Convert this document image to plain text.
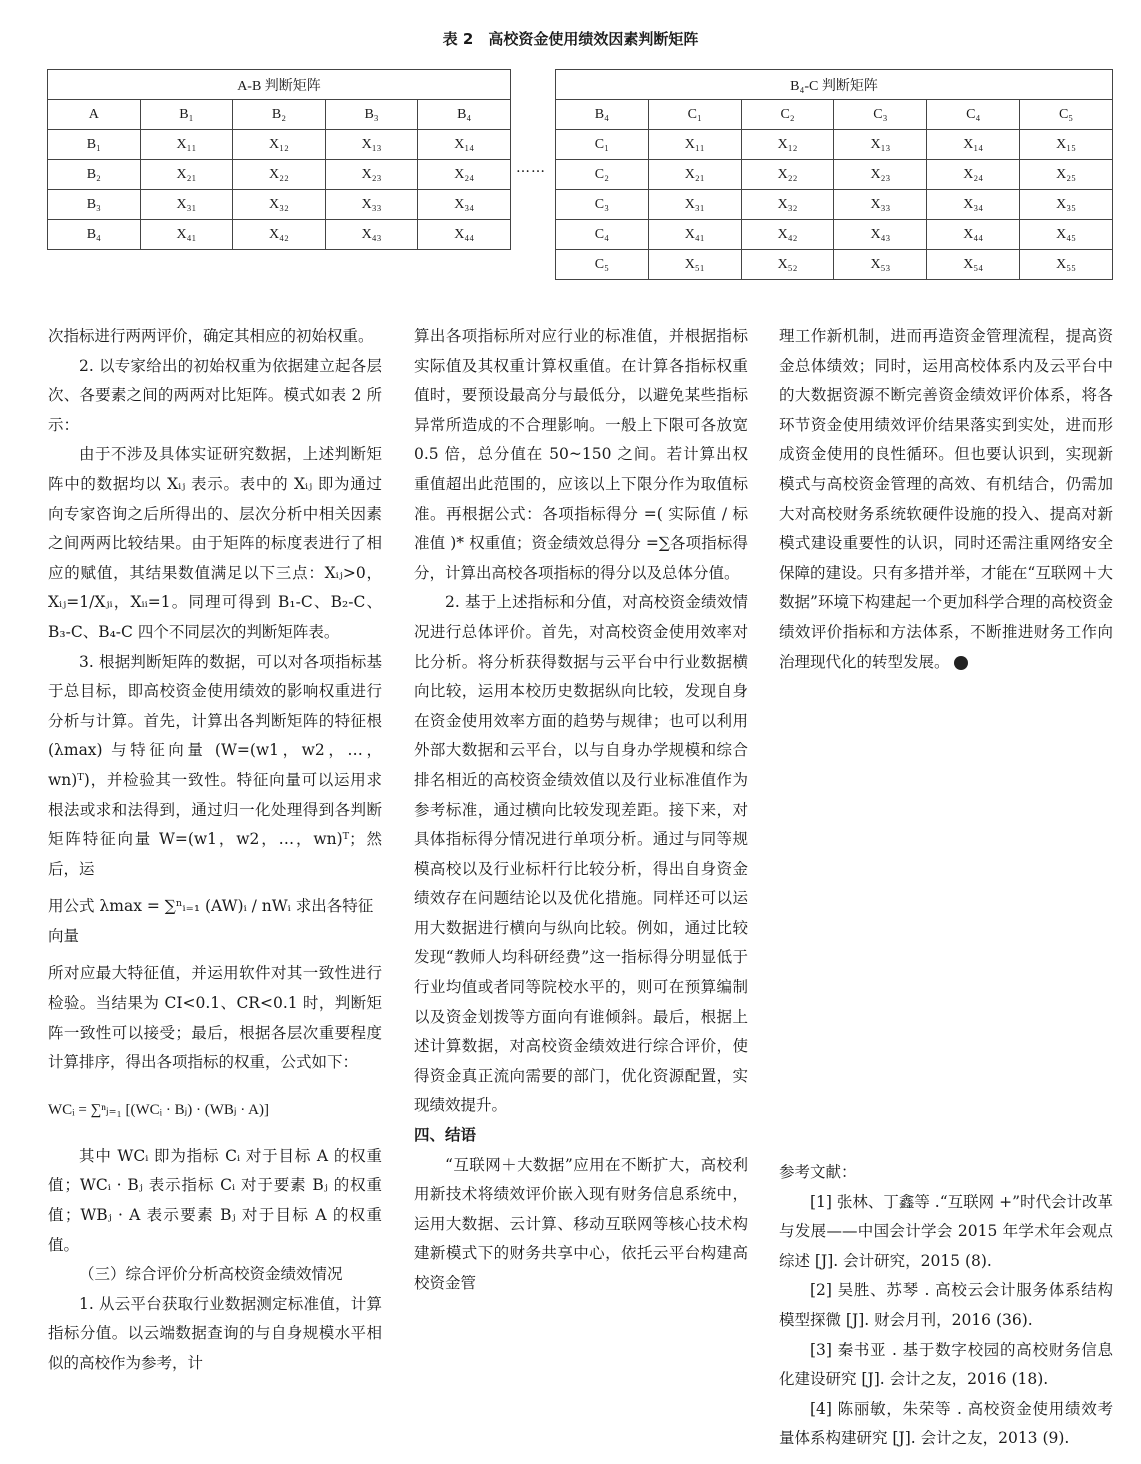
表 2　高校资金使用绩效因素判断矩阵
A-B 判断矩阵				
A	B₁	B₂	B₃	B₄
B₁	X₁₁	X₁₂	X₁₃	X₁₄
B₂	X₂₁	X₂₂	X₂₃	X₂₄
B₃	X₃₁	X₃₂	X₃₃	X₃₄
B₄	X₄₁	X₄₂	X₄₃	X₄₄
……
B₄-C 判断矩阵					
B₄	C₁	C₂	C₃	C₄	C₅
C₁	X₁₁	X₁₂	X₁₃	X₁₄	X₁₅
C₂	X₂₁	X₂₂	X₂₃	X₂₄	X₂₅
C₃	X₃₁	X₃₂	X₃₃	X₃₄	X₃₅
C₄	X₄₁	X₄₂	X₄₃	X₄₄	X₄₅
C₅	X₅₁	X₅₂	X₅₃	X₅₄	X₅₅

次指标进行两两评价，确定其相应的初始权重。

2. 以专家给出的初始权重为依据建立起各层次、各要素之间的两两对比矩阵。模式如表 2 所示：

由于不涉及具体实证研究数据，上述判断矩阵中的数据均以 Xᵢⱼ 表示。表中的 Xᵢⱼ 即为通过向专家咨询之后所得出的、层次分析中相关因素之间两两比较结果。由于矩阵的标度表进行了相应的赋值，其结果数值满足以下三点：Xᵢⱼ>0，Xᵢⱼ=1/Xⱼᵢ，Xᵢᵢ=1。同理可得到 B₁-C、B₂-C、B₃-C、B₄-C 四个不同层次的判断矩阵表。

3. 根据判断矩阵的数据，可以对各项指标基于总目标，即高校资金使用绩效的影响权重进行分析与计算。首先，计算出各判断矩阵的特征根 (λmax) 与特征向量 (W=(w1，w2，…，wn)ᵀ)，并检验其一致性。特征向量可以运用求根法或求和法得到，通过归一化处理得到各判断矩阵特征向量 W=(w1，w2，…，wn)ᵀ；然后，运

用公式 λmax = ∑ⁿᵢ₌₁ (AW)ᵢ / nWᵢ 求出各特征向量

所对应最大特征值，并运用软件对其一致性进行检验。当结果为 CI<0.1、CR<0.1 时，判断矩阵一致性可以接受；最后，根据各层次重要程度计算排序，得出各项指标的权重，公式如下：

WCᵢ = ∑ⁿⱼ₌₁ [(WCᵢ · Bⱼ) · (WBⱼ · A)]

其中 WCᵢ 即为指标 Cᵢ 对于目标 A 的权重值；WCᵢ · Bⱼ 表示指标 Cᵢ 对于要素 Bⱼ 的权重值；WBⱼ · A 表示要素 Bⱼ 对于目标 A 的权重值。

（三）综合评价分析高校资金绩效情况

1. 从云平台获取行业数据测定标准值，计算指标分值。以云端数据查询的与自身规模水平相似的高校作为参考，计

算出各项指标所对应行业的标准值，并根据指标实际值及其权重计算权重值。在计算各指标权重值时，要预设最高分与最低分，以避免某些指标异常所造成的不合理影响。一般上下限可各放宽 0.5 倍，总分值在 50~150 之间。若计算出权重值超出此范围的，应该以上下限分作为取值标准。再根据公式：各项指标得分 =( 实际值 / 标准值 )* 权重值；资金绩效总得分 =∑各项指标得分，计算出高校各项指标的得分以及总体分值。

2. 基于上述指标和分值，对高校资金绩效情况进行总体评价。首先，对高校资金使用效率对比分析。将分析获得数据与云平台中行业数据横向比较，运用本校历史数据纵向比较，发现自身在资金使用效率方面的趋势与规律；也可以利用外部大数据和云平台，以与自身办学规模和综合排名相近的高校资金绩效值以及行业标准值作为参考标准，通过横向比较发现差距。接下来，对具体指标得分情况进行单项分析。通过与同等规模高校以及行业标杆行比较分析，得出自身资金绩效存在问题结论以及优化措施。同样还可以运用大数据进行横向与纵向比较。例如，通过比较发现“教师人均科研经费”这一指标得分明显低于行业均值或者同等院校水平的，则可在预算编制以及资金划拨等方面向有谁倾斜。最后，根据上述计算数据，对高校资金绩效进行综合评价，使得资金真正流向需要的部门，优化资源配置，实现绩效提升。

四、结语

“互联网＋大数据”应用在不断扩大，高校利用新技术将绩效评价嵌入现有财务信息系统中，运用大数据、云计算、移动互联网等核心技术构建新模式下的财务共享中心，依托云平台构建高校资金管

理工作新机制，进而再造资金管理流程，提高资金总体绩效；同时，运用高校体系内及云平台中的大数据资源不断完善资金绩效评价体系，将各环节资金使用绩效评价结果落实到实处，进而形成资金使用的良性循环。但也要认识到，实现新模式与高校资金管理的高效、有机结合，仍需加大对高校财务系统软硬件设施的投入、提高对新模式建设重要性的认识，同时还需注重网络安全保障的建设。只有多措并举，才能在“互联网＋大数据”环境下构建起一个更加科学合理的高校资金绩效评价指标和方法体系，不断推进财务工作向治理现代化的转型发展。

参考文献：

[1] 张林、丁鑫等 .“互联网 +”时代会计改革与发展——中国会计学会 2015 年学术年会观点综述 [J]. 会计研究，2015 (8).

[2] 吴胜、苏琴 . 高校云会计服务体系结构模型探微 [J]. 财会月刊，2016 (36).

[3] 秦书亚 . 基于数字校园的高校财务信息化建设研究 [J]. 会计之友，2016 (18).

[4] 陈丽敏，朱荣等 . 高校资金使用绩效考量体系构建研究 [J]. 会计之友，2013 (9).
